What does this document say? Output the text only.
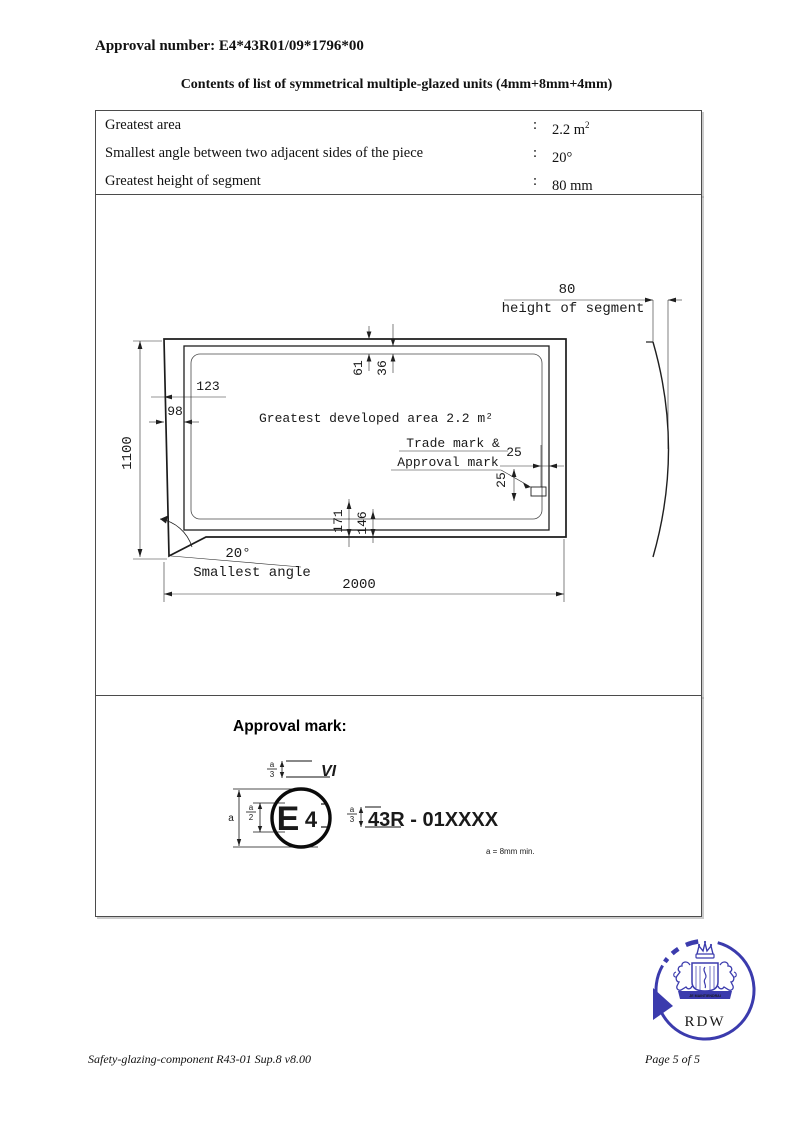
Approval number: E4*43R01/09*1796*00
Contents of list of symmetrical multiple-glazed units (4mm+8mm+4mm)
Greatest area	: 2.2 $m^2$
Smallest angle between two adjacent sides of the piece	: 20°
Greatest height of segment	: 80 mm
Greatest developed area 2.2 m²
Trade mark &
Approval mark
25
25
61 36
171 146
98
123
1100
2000
20°
Smallest angle
80
height of segment
Approval mark:
a
3	VI
E 4
a
a
2
a
3 43R - 01XXXX
a = 8mm min.
JE MAINTIENDRAI
RDW
Safety-glazing-component R43-01 Sup.8 v8.00	Page 5 of 5
